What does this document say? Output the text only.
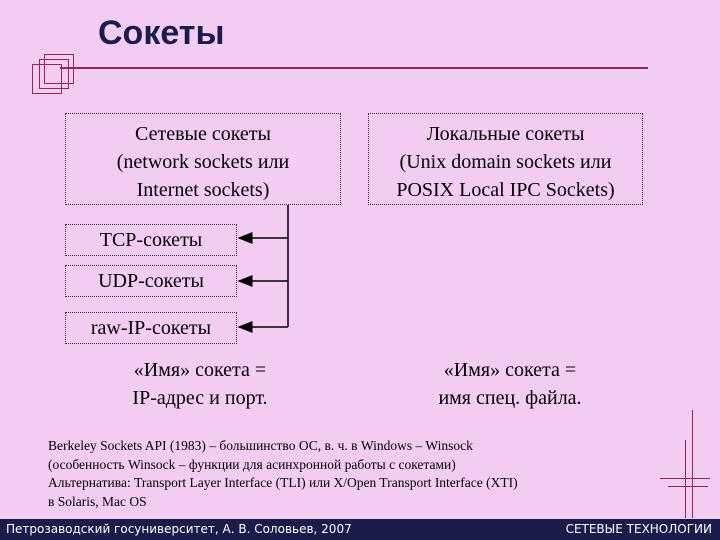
Сокеты
Сетевые сокеты
(network sockets или
Internet sockets)
Локальные сокеты
(Unix domain sockets или
POSIX Local IPC Sockets)
TCP-сокеты
UDP-сокеты
raw-IP-сокеты
«Имя» сокета =
IP-адрес и порт.
«Имя» сокета =
имя спец. файла.
Berkeley Sockets API (1983) – большинство ОС, в. ч. в Windows – Winsock
(особенность Winsock – функции для асинхронной работы с сокетами)
Альтернатива: Transport Layer Interface (TLI) или X/Open Transport Interface (XTI)
в Solaris, Mac OS
Петрозаводский госуниверситет, А. В. Соловьев, 2007	СЕТЕВЫЕ ТЕХНОЛОГИИ
